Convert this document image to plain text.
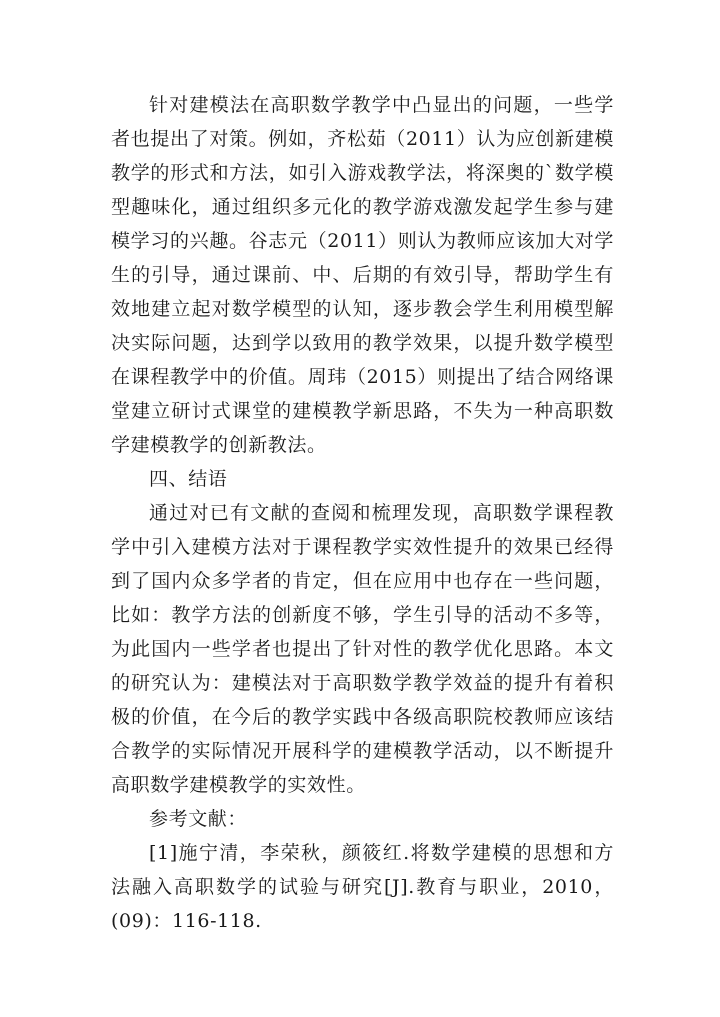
针对建模法在高职数学教学中凸显出的问题，一些学者也提出了对策。例如，齐松茹（2011）认为应创新建模教学的形式和方法，如引入游戏教学法，将深奥的`数学模型趣味化，通过组织多元化的教学游戏激发起学生参与建模学习的兴趣。谷志元（2011）则认为教师应该加大对学生的引导，通过课前、中、后期的有效引导，帮助学生有效地建立起对数学模型的认知，逐步教会学生利用模型解决实际问题，达到学以致用的教学效果，以提升数学模型在课程教学中的价值。周玮（2015）则提出了结合网络课堂建立研讨式课堂的建模教学新思路，不失为一种高职数学建模教学的创新教法。

四、结语

通过对已有文献的查阅和梳理发现，高职数学课程教学中引入建模方法对于课程教学实效性提升的效果已经得到了国内众多学者的肯定，但在应用中也存在一些问题，比如：教学方法的创新度不够，学生引导的活动不多等，为此国内一些学者也提出了针对性的教学优化思路。本文的研究认为：建模法对于高职数学教学效益的提升有着积极的价值，在今后的教学实践中各级高职院校教师应该结合教学的实际情况开展科学的建模教学活动，以不断提升高职数学建模教学的实效性。

参考文献：

[1]施宁清，李荣秋，颜筱红.将数学建模的思想和方法融入高职数学的试验与研究[J].教育与职业，2010，(09)：116-118.
